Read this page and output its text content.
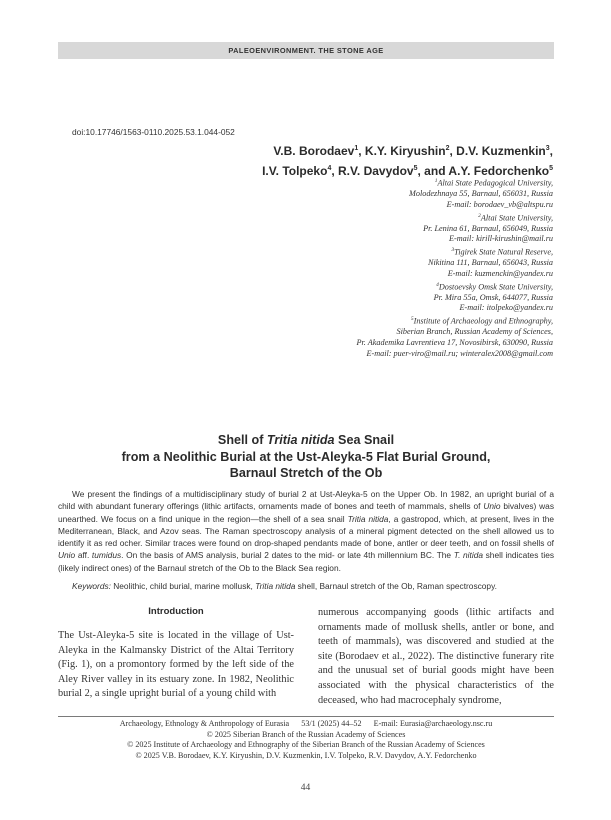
PALEOENVIRONMENT. THE STONE AGE
doi:10.17746/1563-0110.2025.53.1.044-052
V.B. Borodaev$^1$, K.Y. Kiryushin$^2$, D.V. Kuzmenkin$^3$,
I.V. Tolpeko$^4$, R.V. Davydov$^5$, and A.Y. Fedorchenko$^5$
$^1$Altai State Pedagogical University,
Molodezhnaya 55, Barnaul, 656031, Russia
E-mail: borodaev_vb@altspu.ru
$^2$Altai State University,
Pr. Lenina 61, Barnaul, 656049, Russia
E-mail: kirill-kirushin@mail.ru
$^3$Tigirek State Natural Reserve,
Nikitina 111, Barnaul, 656043, Russia
E-mail: kuzmenckin@yandex.ru
$^4$Dostoevsky Omsk State University,
Pr. Mira 55a, Omsk, 644077, Russia
E-mail: itolpeko@yandex.ru
$^5$Institute of Archaeology and Ethnography,
Siberian Branch, Russian Academy of Sciences,
Pr. Akademika Lavrentieva 17, Novosibirsk, 630090, Russia
E-mail: puer-viro@mail.ru; winteralex2008@gmail.com
Shell of Tritia nitida Sea Snail
from a Neolithic Burial at the Ust-Aleyka-5 Flat Burial Ground,
Barnaul Stretch of the Ob

We present the findings of a multidisciplinary study of burial 2 at Ust-Aleyka-5 on the Upper Ob. In 1982, an upright burial of a child with abundant funerary offerings (lithic artifacts, ornaments made of bones and teeth of mammals, shells of Unio bivalves) was unearthed. We focus on a find unique in the region—the shell of a sea snail Tritia nitida, a gastropod, which, at present, lives in the Mediterranean, Black, and Azov seas. The Raman spectroscopy analysis of a mineral pigment detected on the shell allowed us to identify it as red ocher. Similar traces were found on drop-shaped pendants made of bone, antler or deer teeth, and on fossil shells of Unio aff. tumidus. On the basis of AMS analysis, burial 2 dates to the mid- or late 4th millennium BC. The T. nitida shell indicates ties (likely indirect ones) of the Barnaul stretch of the Ob to the Black Sea region.

Keywords: Neolithic, child burial, marine mollusk, Tritia nitida shell, Barnaul stretch of the Ob, Raman spectroscopy.

Introduction

The Ust-Aleyka-5 site is located in the village of Ust-Aleyka in the Kalmansky District of the Altai Territory (Fig. 1), on a promontory formed by the left side of the Aley River valley in its estuary zone. In 1982, Neolithic burial 2, a single upright burial of a young child with

numerous accompanying goods (lithic artifacts and ornaments made of mollusk shells, antler or bone, and teeth of mammals), was discovered and studied at the site (Borodaev et al., 2022). The distinctive funerary rite and the unusual set of burial goods might have been associated with the physical characteristics of the deceased, who had macrocephaly syndrome,

Archaeology, Ethnology & Anthropology of Eurasia 53/1 (2025) 44–52 E-mail: Eurasia@archaeology.nsc.ru
© 2025 Siberian Branch of the Russian Academy of Sciences
© 2025 Institute of Archaeology and Ethnography of the Siberian Branch of the Russian Academy of Sciences
© 2025 V.B. Borodaev, K.Y. Kiryushin, D.V. Kuzmenkin, I.V. Tolpeko, R.V. Davydov, A.Y. Fedorchenko
44
